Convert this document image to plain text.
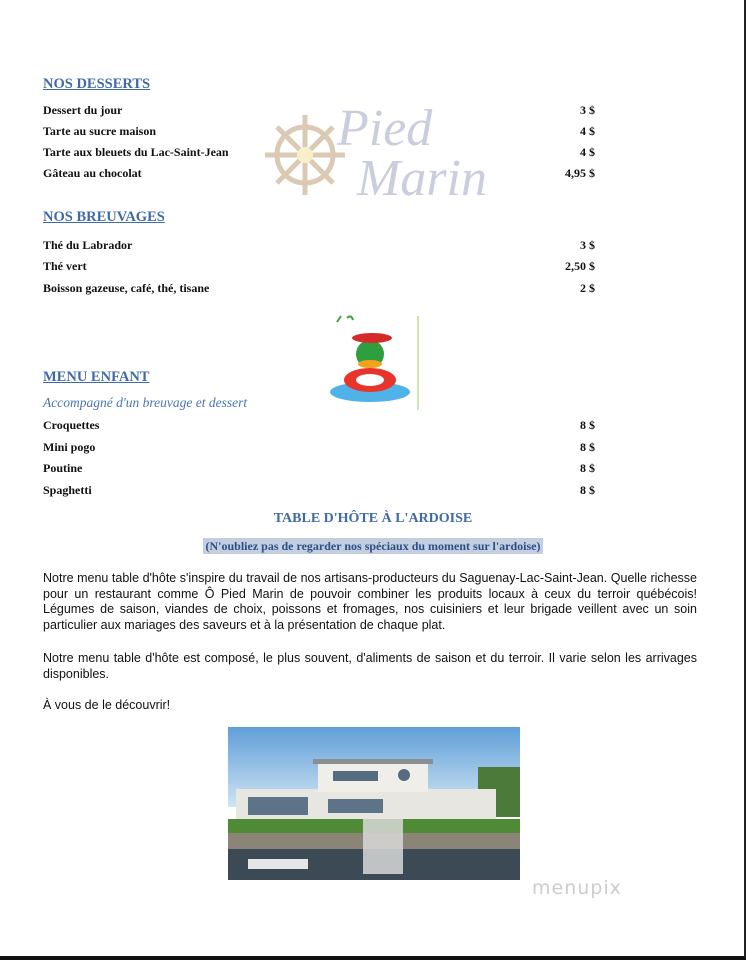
Pied
Marin
NOS DESSERTS
Dessert du jour	3 $
Tarte au sucre maison	4 $
Tarte aux bleuets du Lac-Saint-Jean	4 $
Gâteau au chocolat	4,95 $
NOS BREUVAGES
Thé du Labrador	3 $
Thé vert	2,50 $
Boisson gazeuse, café, thé, tisane	2 $
MENU ENFANT
Accompagné d'un breuvage et dessert
Croquettes	8 $
Mini pogo	8 $
Poutine	8 $
Spaghetti	8 $
TABLE D'HÔTE À L'ARDOISE
(N'oubliez pas de regarder nos spéciaux du moment sur l'ardoise)
Notre menu table d'hôte s'inspire du travail de nos artisans-producteurs du Saguenay-Lac-Saint-Jean. Quelle richesse pour un restaurant comme Ô Pied Marin de pouvoir combiner les produits locaux à ceux du terroir québécois! Légumes de saison, viandes de choix, poissons et fromages, nos cuisiniers et leur brigade veillent avec un soin particulier aux mariages des saveurs et à la présentation de chaque plat.
Notre menu table d'hôte est composé, le plus souvent, d'aliments de saison et du terroir. Il varie selon les arrivages disponibles.
À vous de le découvrir!
menupix
